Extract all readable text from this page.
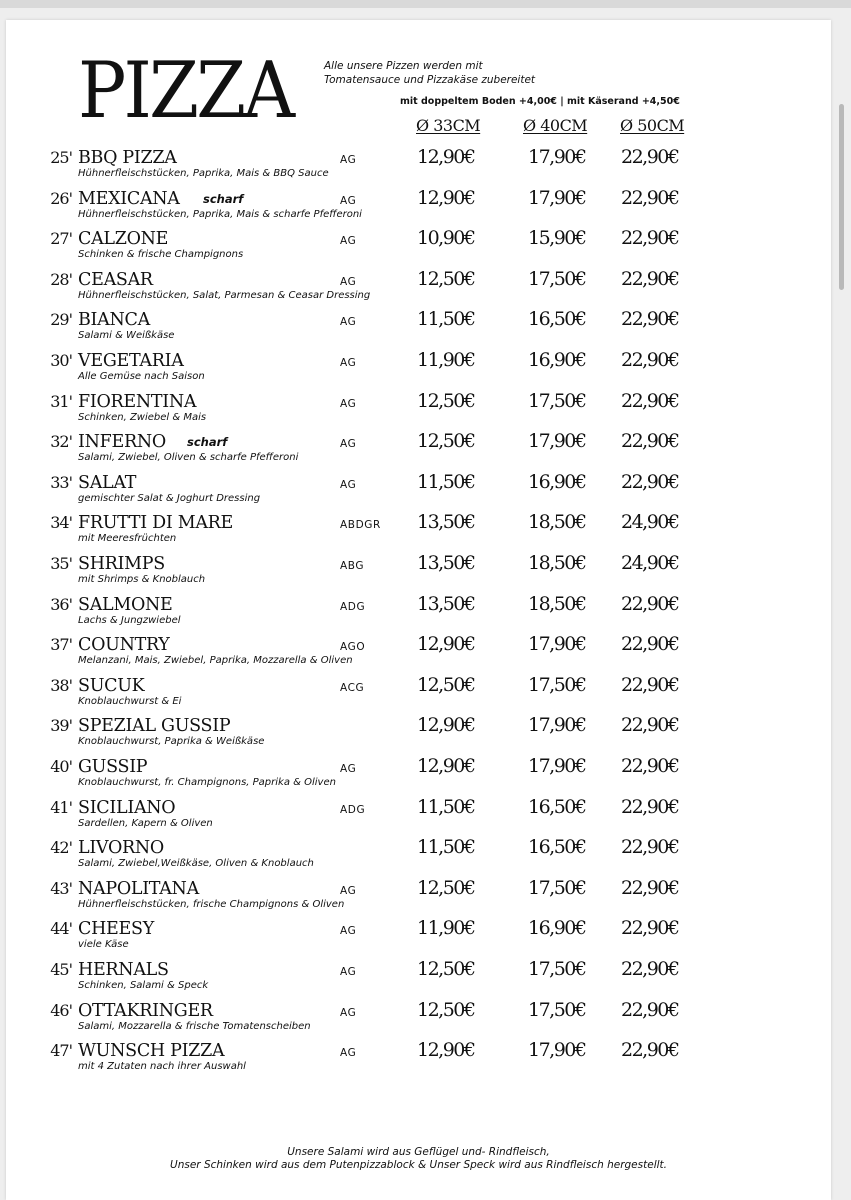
PIZZA	Alle unsere Pizzen werden mit
Tomatensauce und Pizzakäse zubereitet
mit doppeltem Boden +4,00€ | mit Käserand +4,50€
Ø 33CM	Ø 40CM Ø 50CM
25' BBQ PIZZA
Hühnerfleischstücken, Paprika, Mais & BBQ Sauce
AG	12,90€	17,90€ 22,90€
26' MEXICANA scharf
Hühnerfleischstücken, Paprika, Mais & scharfe Pfefferoni
AG	12,90€	17,90€ 22,90€
27' CALZONE
Schinken & frische Champignons
AG	10,90€	15,90€ 22,90€
28' CEASAR
Hühnerfleischstücken, Salat, Parmesan & Ceasar Dressing
AG	12,50€	17,50€ 22,90€
29' BIANCA
Salami & Weißkäse
AG	11,50€	16,50€ 22,90€
30' VEGETARIA
Alle Gemüse nach Saison
AG	11,90€	16,90€ 22,90€
31' FIORENTINA
Schinken, Zwiebel & Mais
AG	12,50€	17,50€ 22,90€
32' INFERNO scharf
Salami, Zwiebel, Oliven & scharfe Pfefferoni
AG	12,50€	17,90€ 22,90€
33' SALAT
gemischter Salat & Joghurt Dressing
AG	11,50€	16,90€ 22,90€
34' FRUTTI DI MARE
mit Meeresfrüchten
ABDGR 13,50€	18,50€ 24,90€
35' SHRIMPS
mit Shrimps & Knoblauch
ABG	13,50€	18,50€ 24,90€
36' SALMONE
Lachs & Jungzwiebel
ADG	13,50€	18,50€ 22,90€
37' COUNTRY
Melanzani, Mais, Zwiebel, Paprika, Mozzarella & Oliven
AGO	12,90€	17,90€ 22,90€
38' SUCUK
Knoblauchwurst & Ei
ACG	12,50€	17,50€ 22,90€
39' SPEZIAL GUSSIP
Knoblauchwurst, Paprika & Weißkäse
12,90€	17,90€ 22,90€
40' GUSSIP
Knoblauchwurst, fr. Champignons, Paprika & Oliven
AG	12,90€	17,90€ 22,90€
41' SICILIANO
Sardellen, Kapern & Oliven
ADG	11,50€	16,50€ 22,90€
42' LIVORNO
Salami, Zwiebel,Weißkäse, Oliven & Knoblauch
11,50€	16,50€ 22,90€
43' NAPOLITANA
Hühnerfleischstücken, frische Champignons & Oliven
AG	12,50€	17,50€ 22,90€
44' CHEESY
viele Käse
AG	11,90€	16,90€ 22,90€
45' HERNALS
Schinken, Salami & Speck
AG	12,50€	17,50€ 22,90€
46' OTTAKRINGER
Salami, Mozzarella & frische Tomatenscheiben
AG	12,50€	17,50€ 22,90€
47' WUNSCH PIZZA
mit 4 Zutaten nach ihrer Auswahl
AG	12,90€	17,90€ 22,90€
Unsere Salami wird aus Geflügel und- Rindfleisch,
Unser Schinken wird aus dem Putenpizzablock & Unser Speck wird aus Rindfleisch hergestellt.
